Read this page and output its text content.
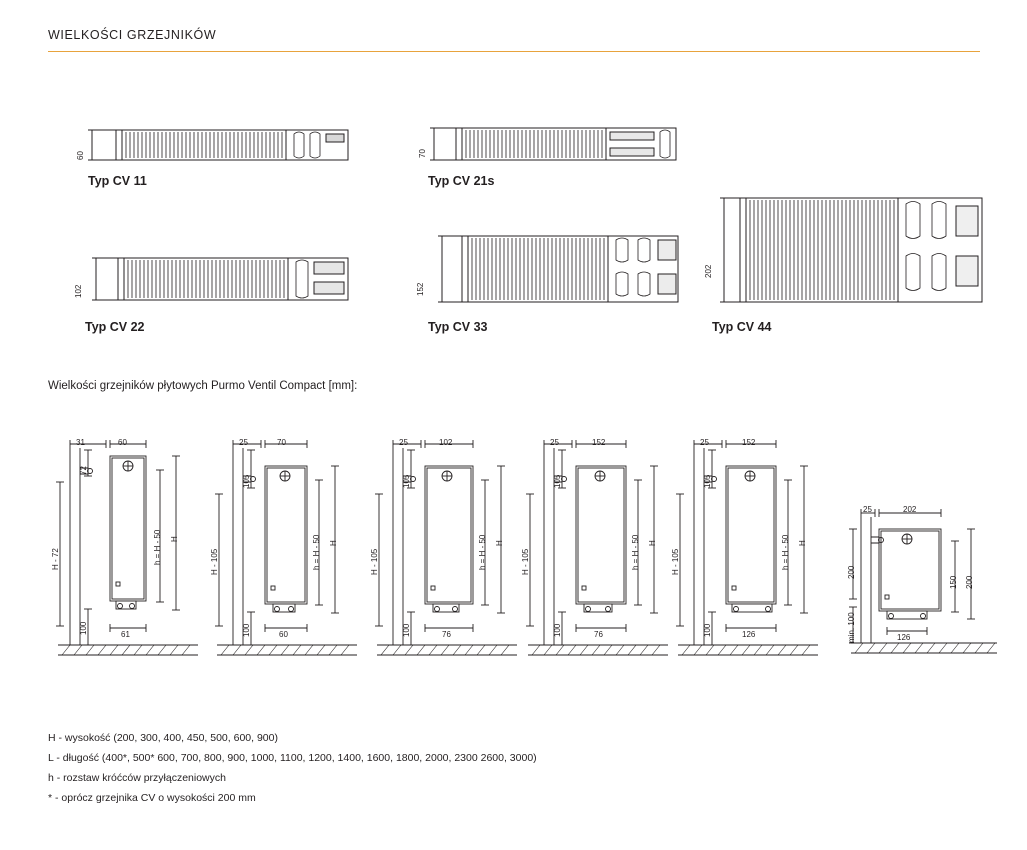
WIELKOŚCI GRZEJNIKÓW
60
Typ CV 11
70
Typ CV 21s
102
Typ CV 22
152
Typ CV 33
202
Typ CV 44
Wielkości grzejników płytowych Purmo Ventil Compact [mm]:
31	60
72
H - 72
100
h = H - 50 H
61
25	70
105
H - 105
100
h = H - 50 H
60
25	102
105
H - 105
100
h = H - 50 H
76
25	152
105
H - 105
100
h = H - 50 H
76
25	152
105
H - 105
100
h = H - 50 H
126
25	202
200
min. 100
150 200
126
H - wysokość (200, 300, 400, 450, 500, 600, 900)
L - długość (400*, 500* 600, 700, 800, 900, 1000, 1100, 1200, 1400, 1600, 1800, 2000, 2300 2600, 3000)
h - rozstaw króćców przyłączeniowych
* - oprócz grzejnika CV o wysokości 200 mm
